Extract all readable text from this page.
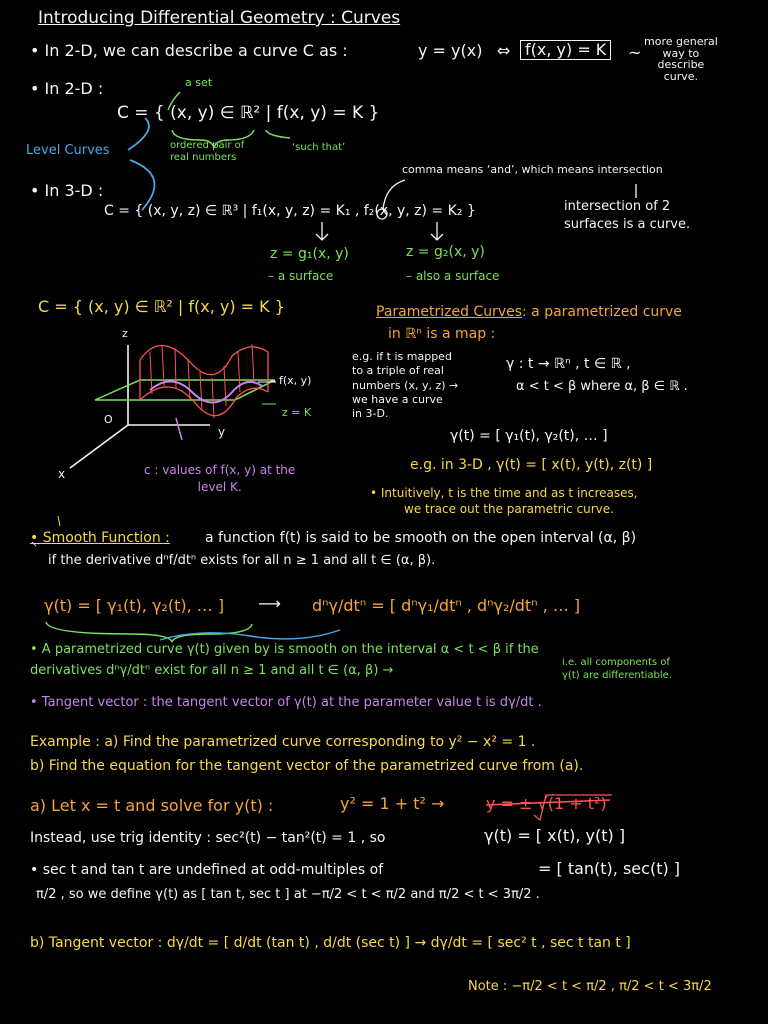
Introducing Differential Geometry : Curves
• In 2-D, we can describe a curve C as :	y = y(x) ⇔ f(x, y) = K	~
more general
way to
describe
curve.
• In 2-D :	a set
C = { (x, y) ∈ ℝ² | f(x, y) = K }
Level Curves	ordered pair of
real numbers
‘such that’
comma means ‘and’, which means intersection
• In 3-D :
C = { (x, y, z) ∈ ℝ³ | f₁(x, y, z) = K₁ , f₂(x, y, z) = K₂ }	intersection of 2
surfaces is a curve.
z = g₁(x, y)
– a surface
z = g₂(x, y)
– also a surface
C = { (x, y) ∈ ℝ² | f(x, y) = K }
z
y
x
O
– f(x, y)
z = K
c : values of f(x, y) at the
level K.
Parametrized Curves: a parametrized curve
in ℝⁿ is a map :
e.g. if t is mapped
to a triple of real
numbers (x, y, z) →
we have a curve
in 3-D.
γ : t → ℝⁿ , t ∈ ℝ ,
α < t < β where α, β ∈ ℝ .
γ(t) = [ γ₁(t), γ₂(t), … ]
e.g. in 3-D , γ(t) = [ x(t), y(t), z(t) ]
• Intuitively, t is the time and as t increases,
we trace out the parametric curve.
• Smooth Function :	a function f(t) is said to be smooth on the open interval (α, β)
if the derivative dⁿf/dtⁿ exists for all n ≥ 1 and all t ∈ (α, β).
γ(t) = [ γ₁(t), γ₂(t), … ] ⟶ dⁿγ/dtⁿ = [ dⁿγ₁/dtⁿ , dⁿγ₂/dtⁿ , … ]
• A parametrized curve γ(t) given by is smooth on the interval α < t < β if the
derivatives dⁿγ/dtⁿ exist for all n ≥ 1 and all t ∈ (α, β) →
i.e. all components of
γ(t) are differentiable.
• Tangent vector : the tangent vector of γ(t) at the parameter value t is dγ/dt .
Example : a) Find the parametrized curve corresponding to y² − x² = 1 .
b) Find the equation for the tangent vector of the parametrized curve from (a).
a) Let x = t and solve for y(t) :	y² = 1 + t² →	y = ± √(1 + t²)
Instead, use trig identity : sec²(t) − tan²(t) = 1 , so	γ(t) = [ x(t), y(t) ]
• sec t and tan t are undefined at odd-multiples of	= [ tan(t), sec(t) ]
π/2 , so we define γ(t) as [ tan t, sec t ] at −π/2 < t < π/2 and π/2 < t < 3π/2 .
b) Tangent vector : dγ/dt = [ d/dt (tan t) , d/dt (sec t) ] → dγ/dt = [ sec² t , sec t tan t ]
Note : −π/2 < t < π/2 , π/2 < t < 3π/2
